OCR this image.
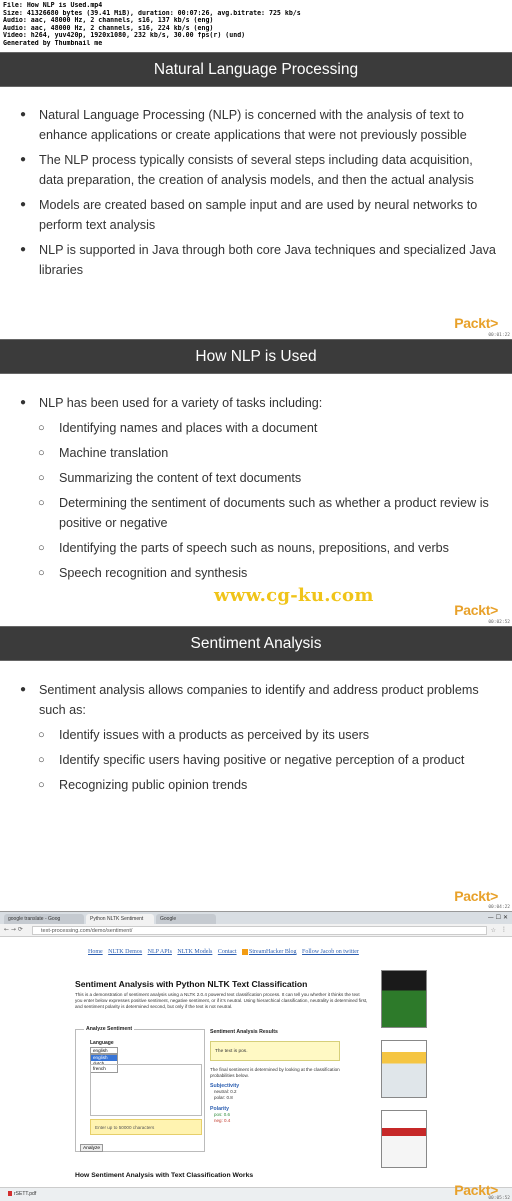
File: How NLP is Used.mp4
Size: 41326680 bytes (39.41 MiB), duration: 00:07:26, avg.bitrate: 725 kb/s
Audio: aac, 48000 Hz, 2 channels, s16, 137 kb/s (eng)
Audio: aac, 48000 Hz, 2 channels, s16, 224 kb/s (eng)
Video: h264, yuv420p, 1920x1080, 232 kb/s, 30.00 fps(r) (und)
Generated by Thumbnail me
Natural Language Processing
● Natural Language Processing (NLP) is concerned with the analysis of text to enhance applications or create applications that were not previously possible
● The NLP process typically consists of several steps including data acquisition, data preparation, the creation of analysis models, and then the actual analysis
● Models are created based on sample input and are used by neural networks to perform text analysis
● NLP is supported in Java through both core Java techniques and specialized Java libraries
Packt>
00:01:22
How NLP is Used
● NLP has been used for a variety of tasks including:
○ Identifying names and places with a document
○ Machine translation
○ Summarizing the content of text documents
○ Determining the sentiment of documents such as whether a product review is positive or negative
○ Identifying the parts of speech such as nouns, prepositions, and verbs
○ Speech recognition and synthesis
Packt>
00:02:52
www.cg-ku.com
Sentiment Analysis
● Sentiment analysis allows companies to identify and address product problems such as:
○ Identify issues with a products as perceived by its users
○ Identify specific users having positive or negative perception of a product
○ Recognizing public opinion trends
Packt>
00:04:22
google translate - Goog	Python NLTK Sentiment	Google	— ☐ ✕
← → ⟳	text-processing.com/demo/sentiment/	☆ ⋮
Home NLTK Demos NLP APIs NLTK Models Contact StreamHacker Blog Follow Jacob on twitter
Sentiment Analysis with Python NLTK Text Classification
This is a demonstration of sentiment analysis using a NLTK 2.0.4 powered text classification process. It can tell you whether it thinks the text you enter below expresses positive sentiment, negative sentiment, or if it's neutral. Using hierarchical classification, neutrality is determined first, and sentiment polarity is determined second, but only if the text is not neutral.
Analyze Sentiment
Language
english
english
dutch
french
Enter up to 50000 characters
Analyze
Sentiment Analysis Results
The text is pos.
The final sentiment is determined by looking at the classification probabilities below.
Subjectivity
neutral: 0.2
polar: 0.8
Polarity
pos: 0.6
neg: 0.4
How Sentiment Analysis with Text Classification Works
rSETT.pdf	Packt>
00:05:52
